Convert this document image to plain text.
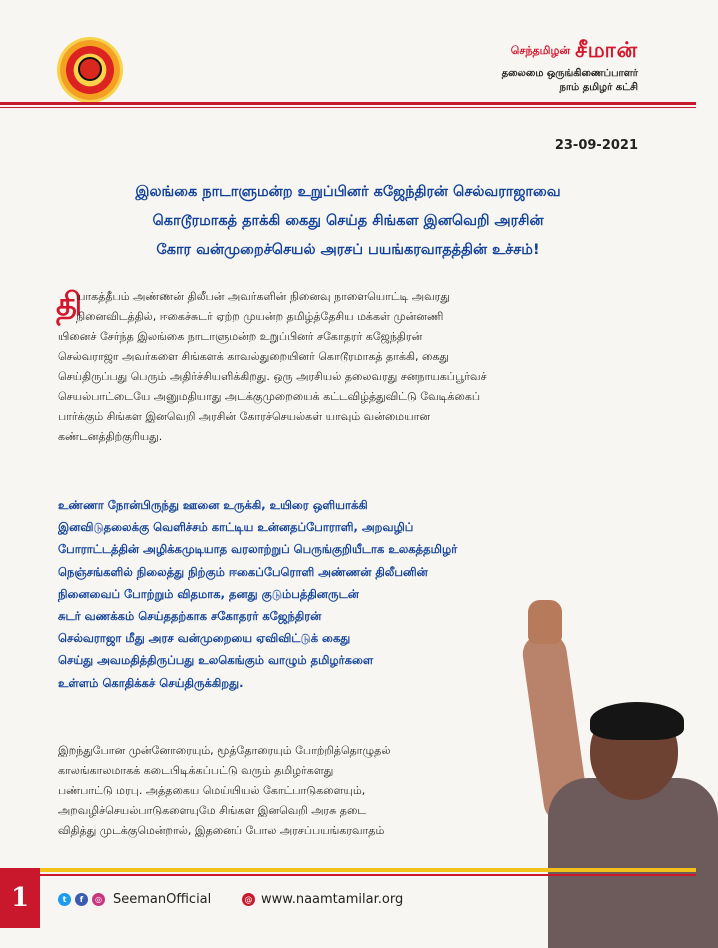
செந்தமிழன் சீமான்
தலைமை ஒருங்கிணைப்பாளர்
நாம் தமிழர் கட்சி
23-09-2021
இலங்கை நாடாளுமன்ற உறுப்பினர் கஜேந்திரன் செல்வராஜாவை
கொடூரமாகத் தாக்கி கைது செய்த சிங்கள இனவெறி அரசின்
கோர வன்முறைச்செயல் அரசப் பயங்கரவாதத்தின் உச்சம்!
தி
யாகத்தீபம் அண்ணன் திலீபன் அவர்களின் நினைவு நாளையொட்டி அவரது
நினைவிடத்தில், ஈகைச்சுடர் ஏற்ற முயன்ற தமிழ்த்தேசிய மக்கள் முன்னணி
யினைச் சேர்ந்த இலங்கை நாடாளுமன்ற உறுப்பினர் சகோதரர் கஜேந்திரன்
செல்வராஜா அவர்களை சிங்களக் காவல்துறையினர் கொடூரமாகத் தாக்கி, கைது
செய்திருப்பது பெரும் அதிர்ச்சியளிக்கிறது. ஒரு அரசியல் தலைவரது சனநாயகப்பூர்வச்
செயல்பாட்டையே அனுமதியாது அடக்குமுறையைக் கட்டவிழ்த்துவிட்டு வேடிக்கைப்
பார்க்கும் சிங்கள இனவெறி அரசின் கோரச்செயல்கள் யாவும் வன்மையான
கண்டனத்திற்குரியது.
உண்ணா நோன்பிருந்து ஊனை உருக்கி, உயிரை ஒளியாக்கி
இனவிடுதலைக்கு வெளிச்சம் காட்டிய உன்னதப்போராளி, அறவழிப்
போராட்டத்தின் அழிக்கமுடியாத வரலாற்றுப் பெருங்குறியீடாக உலகத்தமிழர்
நெஞ்சங்களில் நிலைத்து நிற்கும் ஈகைப்பேரொளி அண்ணன் திலீபனின்
நினைவைப் போற்றும் விதமாக, தனது குடும்பத்தினருடன்
சுடர் வணக்கம் செய்ததற்காக சகோதரர் கஜேந்திரன்
செல்வராஜா மீது அரச வன்முறையை ஏவிவிட்டுக் கைது
செய்து அவமதித்திருப்பது உலகெங்கும் வாழும் தமிழர்களை
உள்ளம் கொதிக்கச் செய்திருக்கிறது.
இறந்துபோன முன்னோரையும், மூத்தோரையும் போற்றித்தொழுதல்
காலங்காலமாகக் கடைபிடிக்கப்பட்டு வரும் தமிழர்களது
பண்பாட்டு மரபு. அத்தகைய மெய்யியல் கோட்பாடுகளையும்,
அறவழிச்செயல்பாடுகளையுமே சிங்கள இனவெறி அரசு தடை
விதித்து முடக்குமென்றால், இதனைப் போல அரசப்பயங்கரவாதம்
1	t	f	◎ SeemanOfficial	@ www.naamtamilar.org
